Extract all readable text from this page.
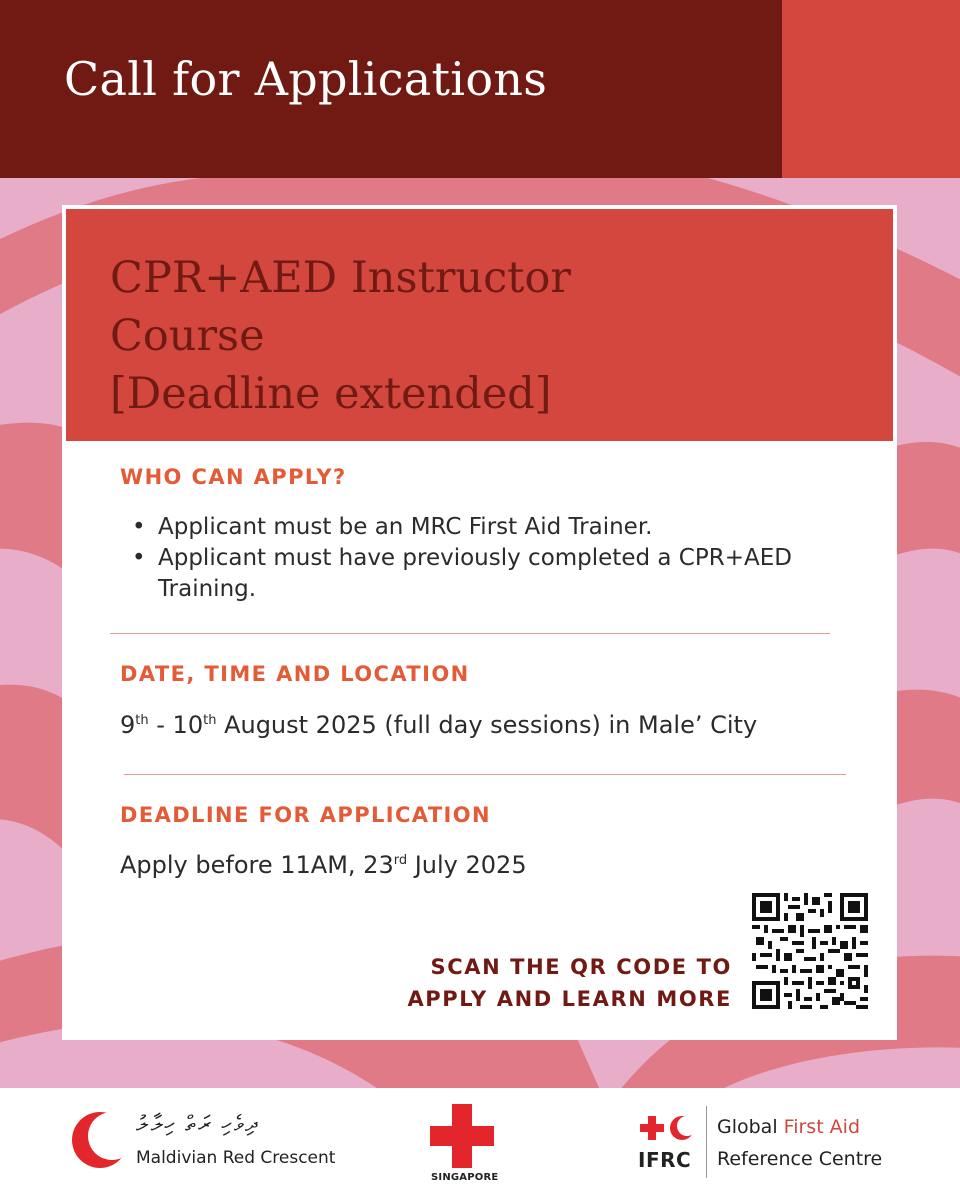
Call for Applications
CPR+AED Instructor
Course
[Deadline extended]
WHO CAN APPLY?
• Applicant must be an MRC First Aid Trainer.
• Applicant must have previously completed a CPR+AED Training.
DATE, TIME AND LOCATION
9th - 10th August 2025 (full day sessions) in Male’ City
DEADLINE FOR APPLICATION
Apply before 11AM, 23rd July 2025
SCAN THE QR CODE TO
APPLY AND LEARN MORE
ދިވެހި ރަތް ހިލާލު
Maldivian Red Crescent
SINGAPORE
IFRC
Global First Aid
Reference Centre
